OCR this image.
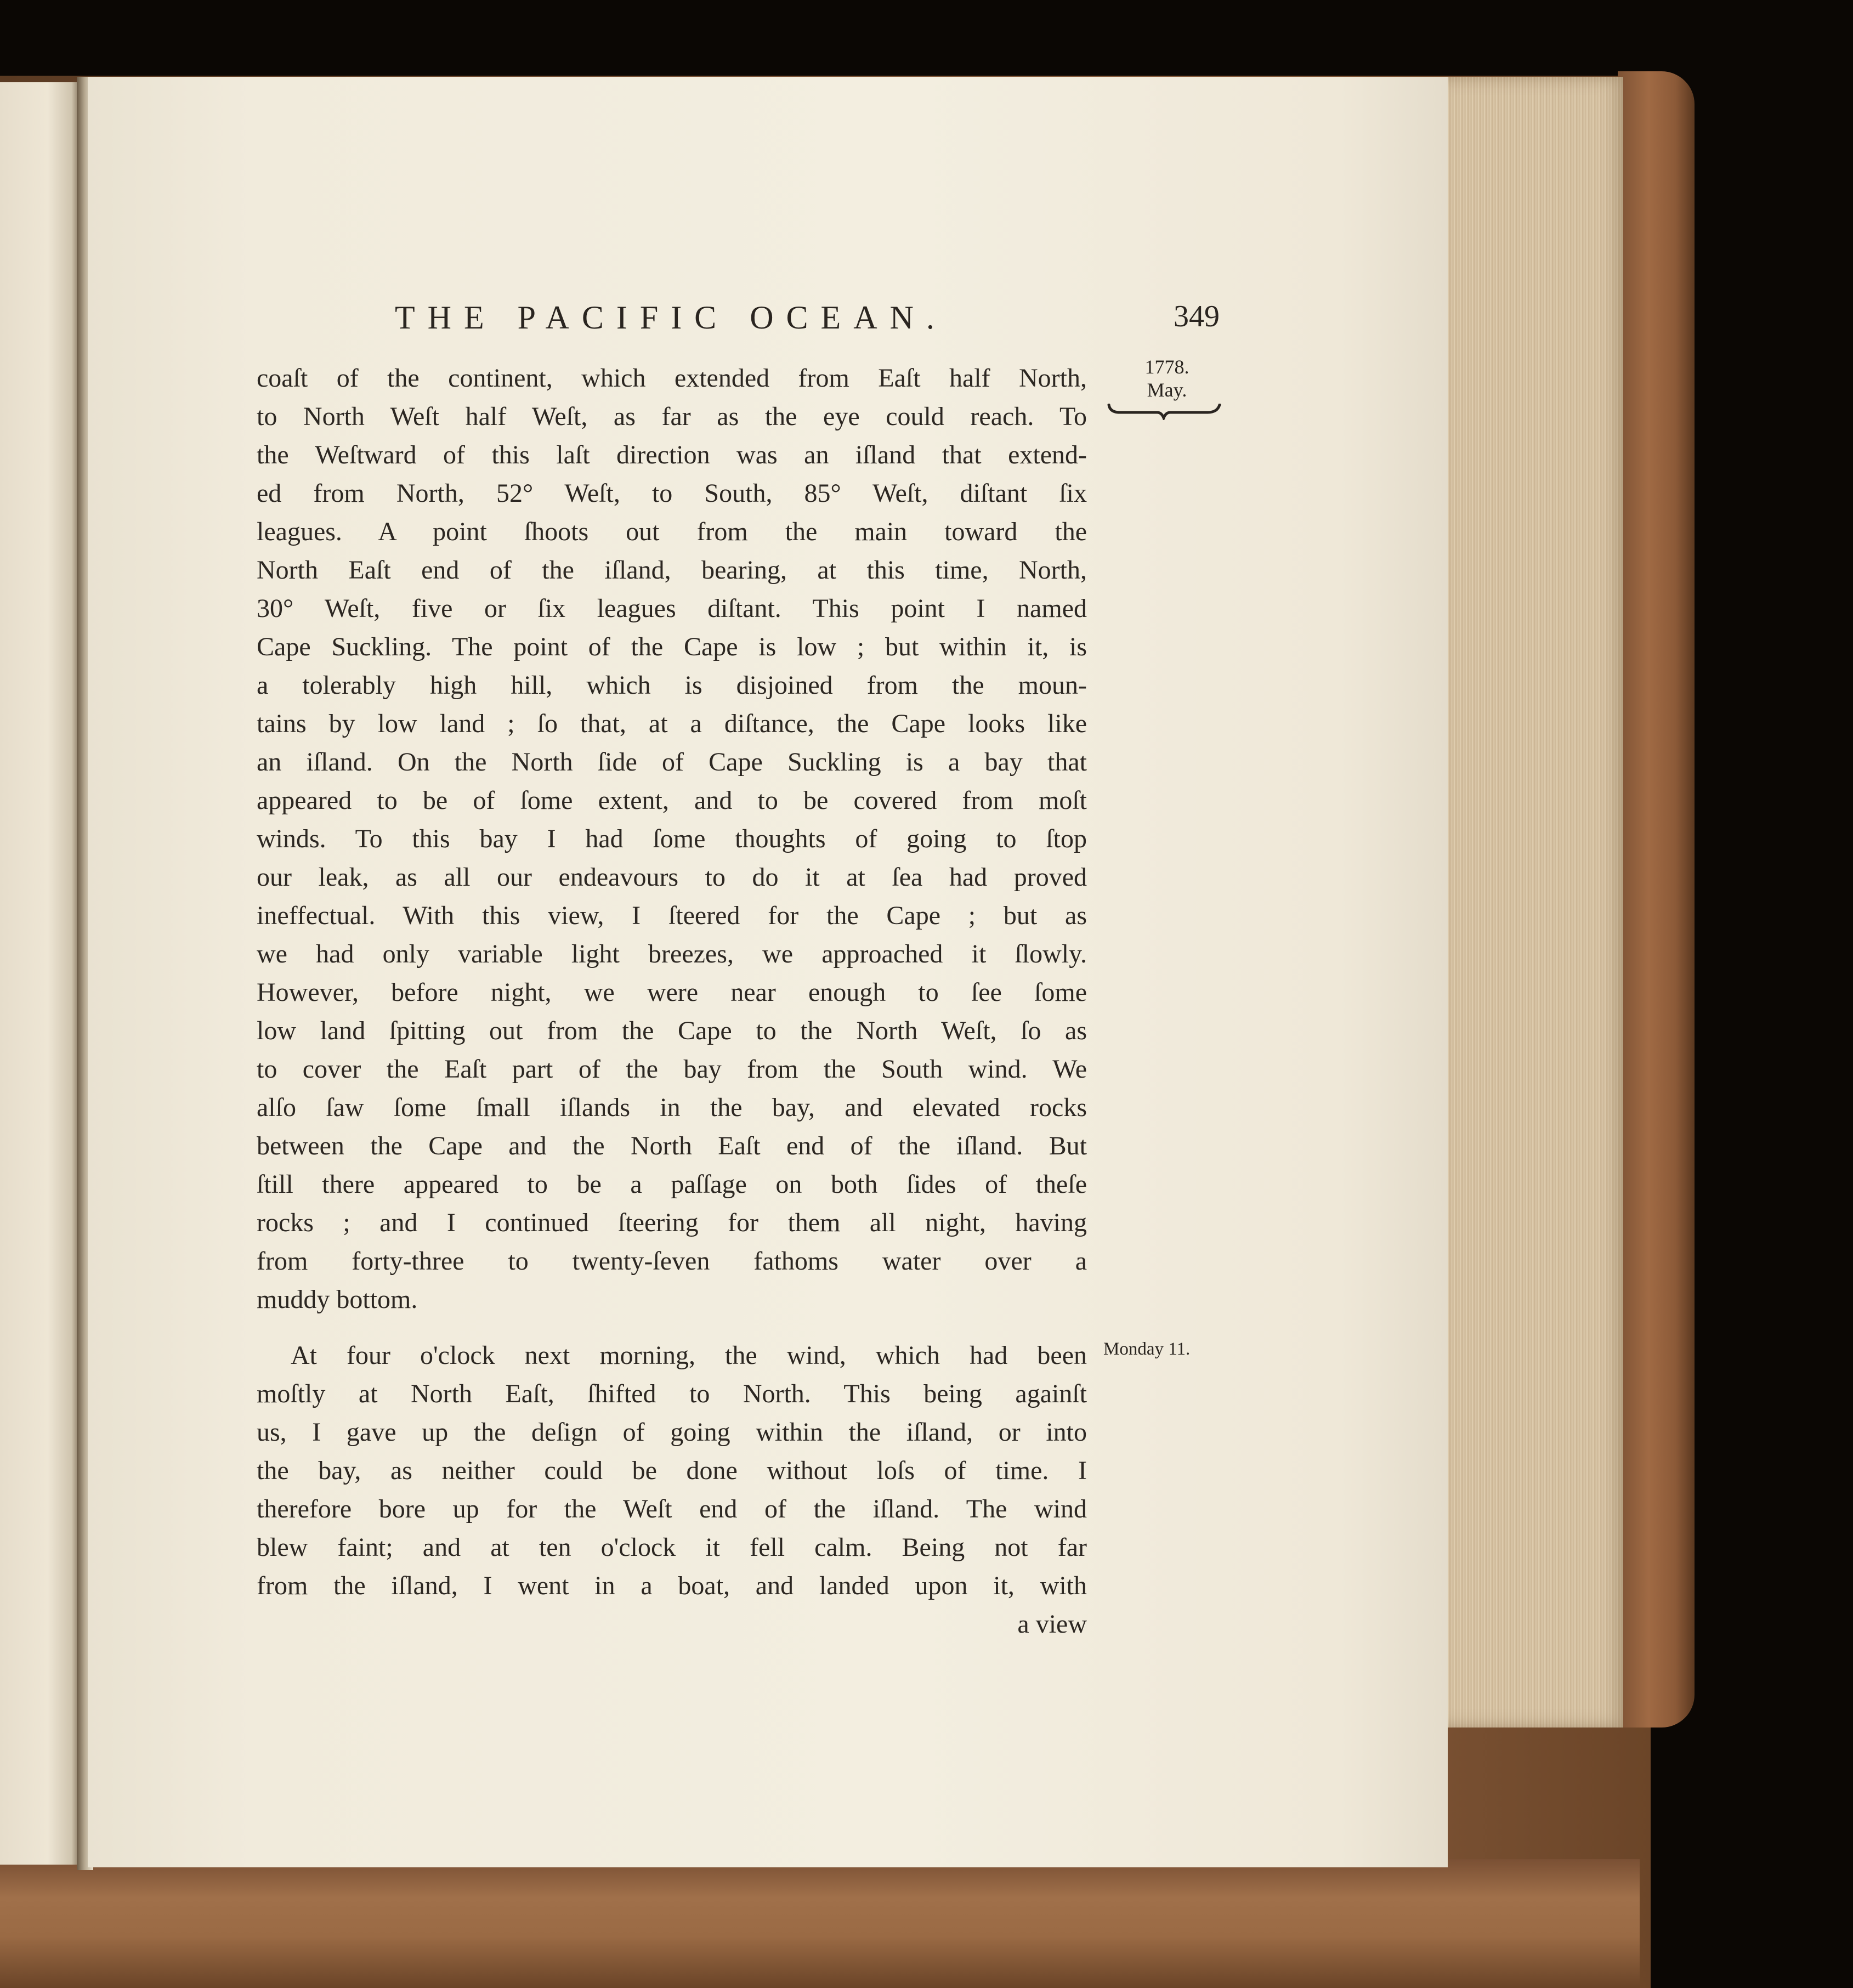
THE PACIFIC OCEAN.	349
1778.
May.
Monday 11.
coaſt of the continent, which extended from Eaſt half North,
to North Weſt half Weſt, as far as the eye could reach. To
the Weſtward of this laſt direction was an iſland that extend-
ed from North, 52° Weſt, to South, 85° Weſt, diſtant ſix
leagues. A point ſhoots out from the main toward the
North Eaſt end of the iſland, bearing, at this time, North,
30° Weſt, five or ſix leagues diſtant. This point I named
Cape Suckling. The point of the Cape is low ; but within it, is
a tolerably high hill, which is disjoined from the moun-
tains by low land ; ſo that, at a diſtance, the Cape looks like
an iſland. On the North ſide of Cape Suckling is a bay that
appeared to be of ſome extent, and to be covered from moſt
winds. To this bay I had ſome thoughts of going to ſtop
our leak, as all our endeavours to do it at ſea had proved
ineffectual. With this view, I ſteered for the Cape ; but as
we had only variable light breezes, we approached it ſlowly.
However, before night, we were near enough to ſee ſome
low land ſpitting out from the Cape to the North Weſt, ſo as
to cover the Eaſt part of the bay from the South wind. We
alſo ſaw ſome ſmall iſlands in the bay, and elevated rocks
between the Cape and the North Eaſt end of the iſland. But
ſtill there appeared to be a paſſage on both ſides of theſe
rocks ; and I continued ſteering for them all night, having
from forty-three to twenty-ſeven fathoms water over a
muddy bottom.
At four o'clock next morning, the wind, which had been
moſtly at North Eaſt, ſhifted to North. This being againſt
us, I gave up the deſign of going within the iſland, or into
the bay, as neither could be done without loſs of time. I
therefore bore up for the Weſt end of the iſland. The wind
blew faint; and at ten o'clock it fell calm. Being not far
from the iſland, I went in a boat, and landed upon it, with
a view
